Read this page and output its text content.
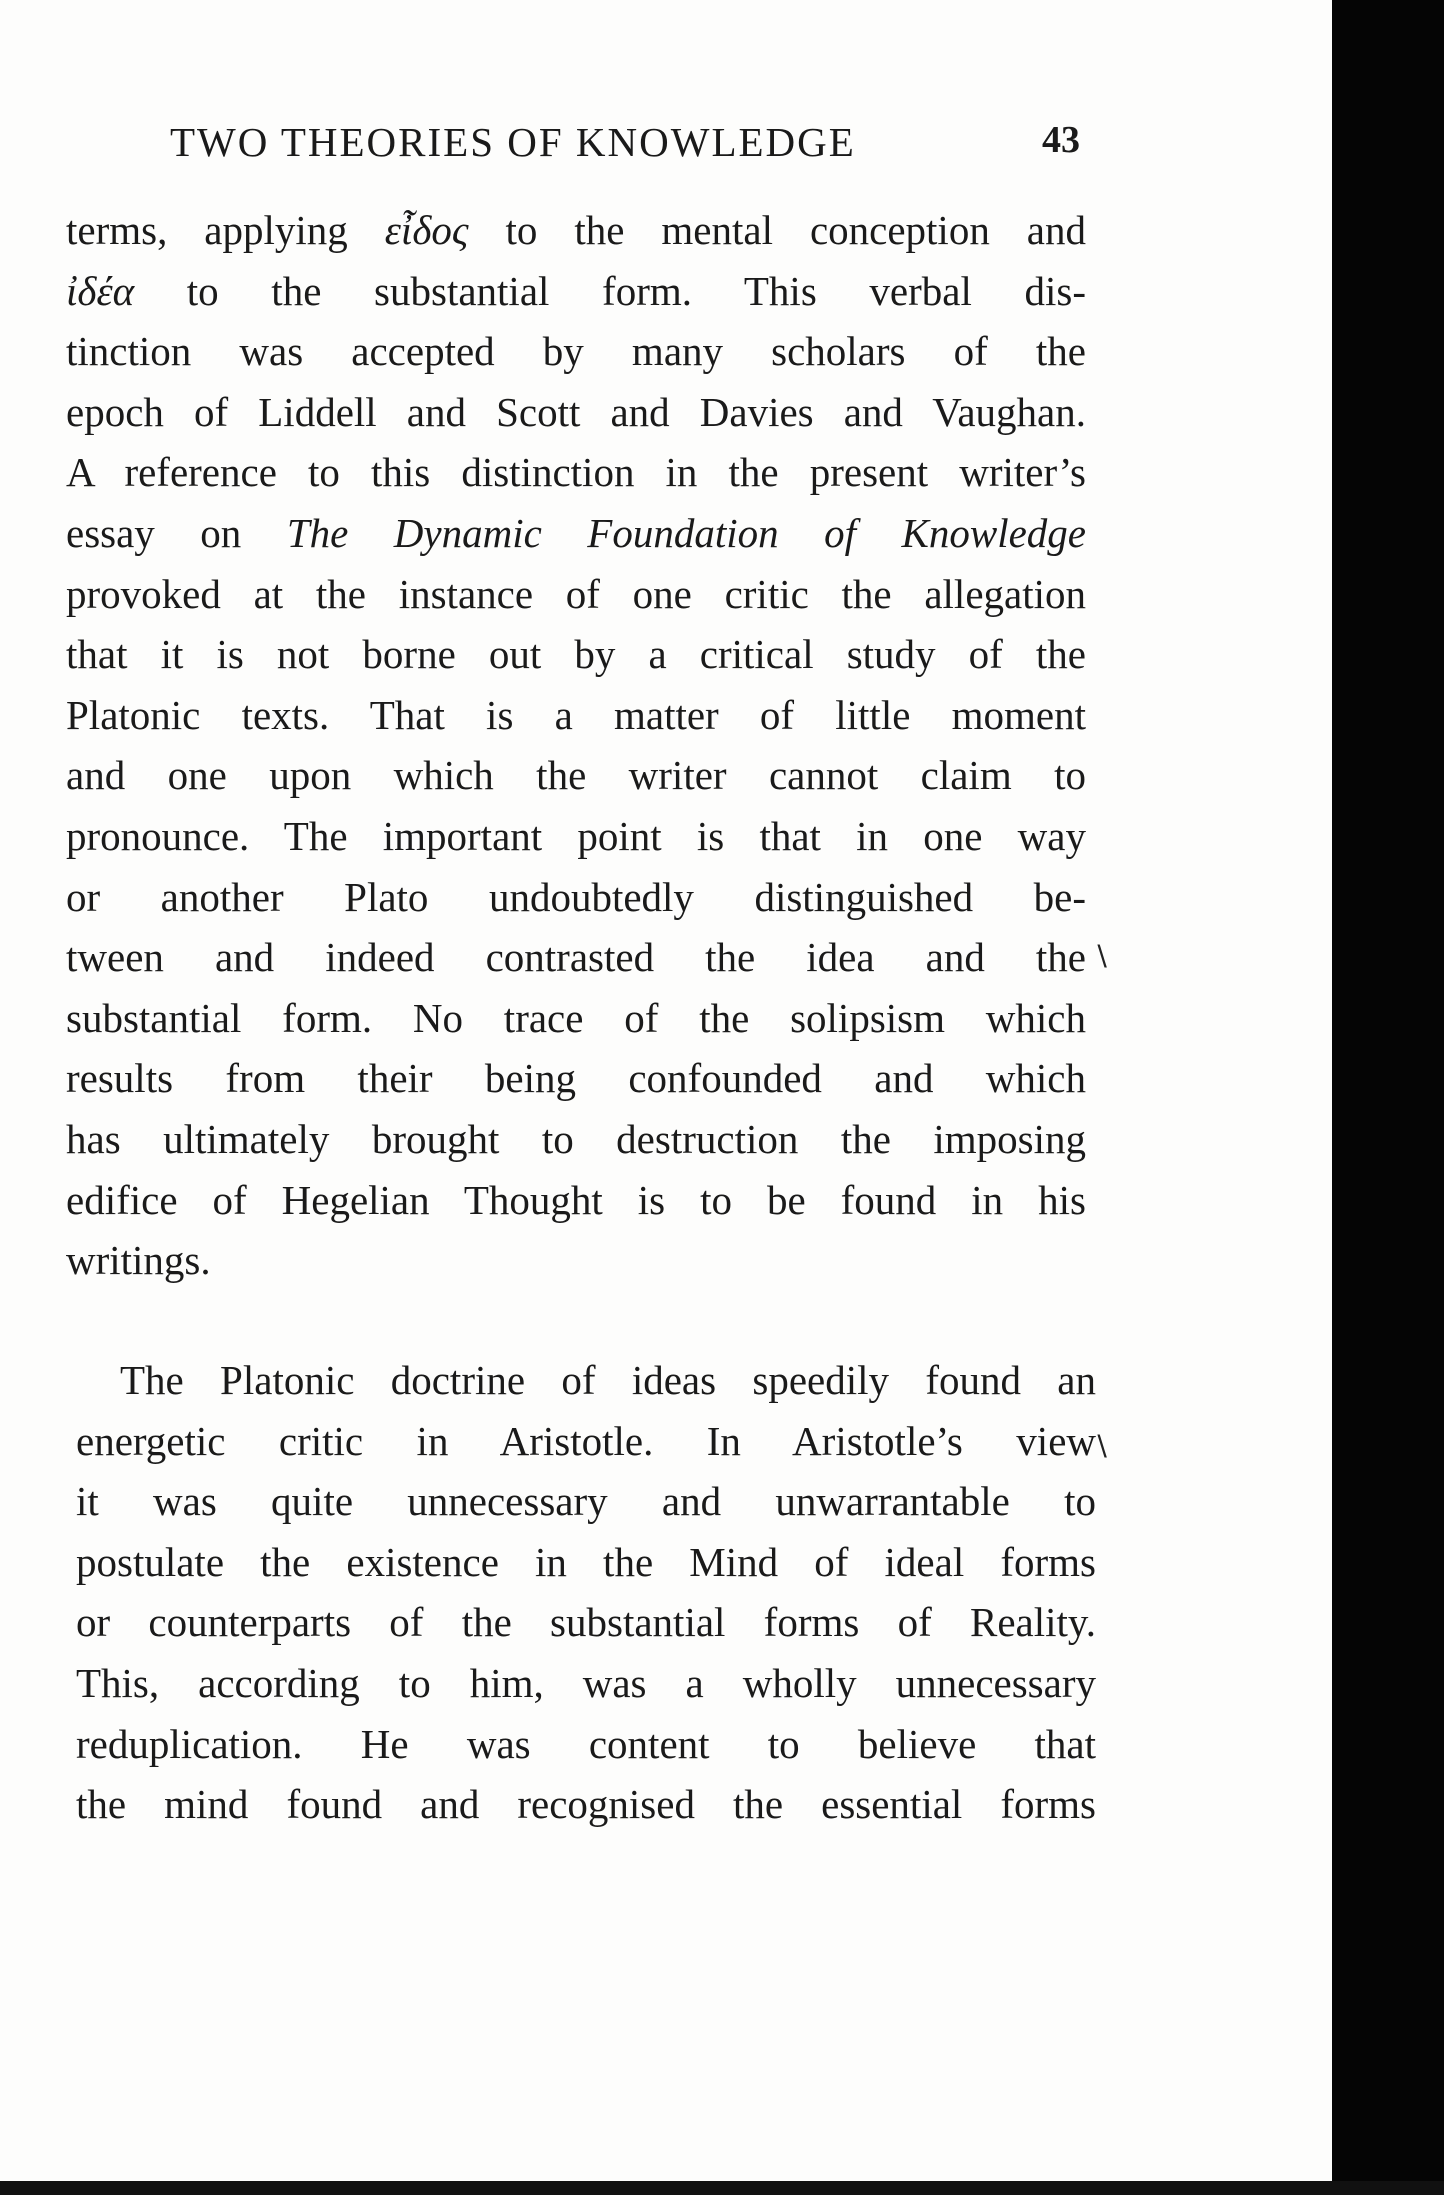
TWO THEORIES OF KNOWLEDGE	43
terms, applying εἶδος to the mental conception and
ἰδέα to the substantial form. This verbal dis-
tinction was accepted by many scholars of the
epoch of Liddell and Scott and Davies and Vaughan.
A reference to this distinction in the present writer’s
essay on The Dynamic Foundation of Knowledge
provoked at the instance of one critic the allegation
that it is not borne out by a critical study of the
Platonic texts. That is a matter of little moment
and one upon which the writer cannot claim to
pronounce. The important point is that in one way
or another Plato undoubtedly distinguished be-
tween and indeed contrasted the idea and the
substantial form. No trace of the solipsism which
results from their being confounded and which
has ultimately brought to destruction the imposing
edifice of Hegelian Thought is to be found in his
writings.
The Platonic doctrine of ideas speedily found an
energetic critic in Aristotle. In Aristotle’s view
it was quite unnecessary and unwarrantable to
postulate the existence in the Mind of ideal forms
or counterparts of the substantial forms of Reality.
This, according to him, was a wholly unnecessary
reduplication. He was content to believe that
the mind found and recognised the essential forms
∖
∖
